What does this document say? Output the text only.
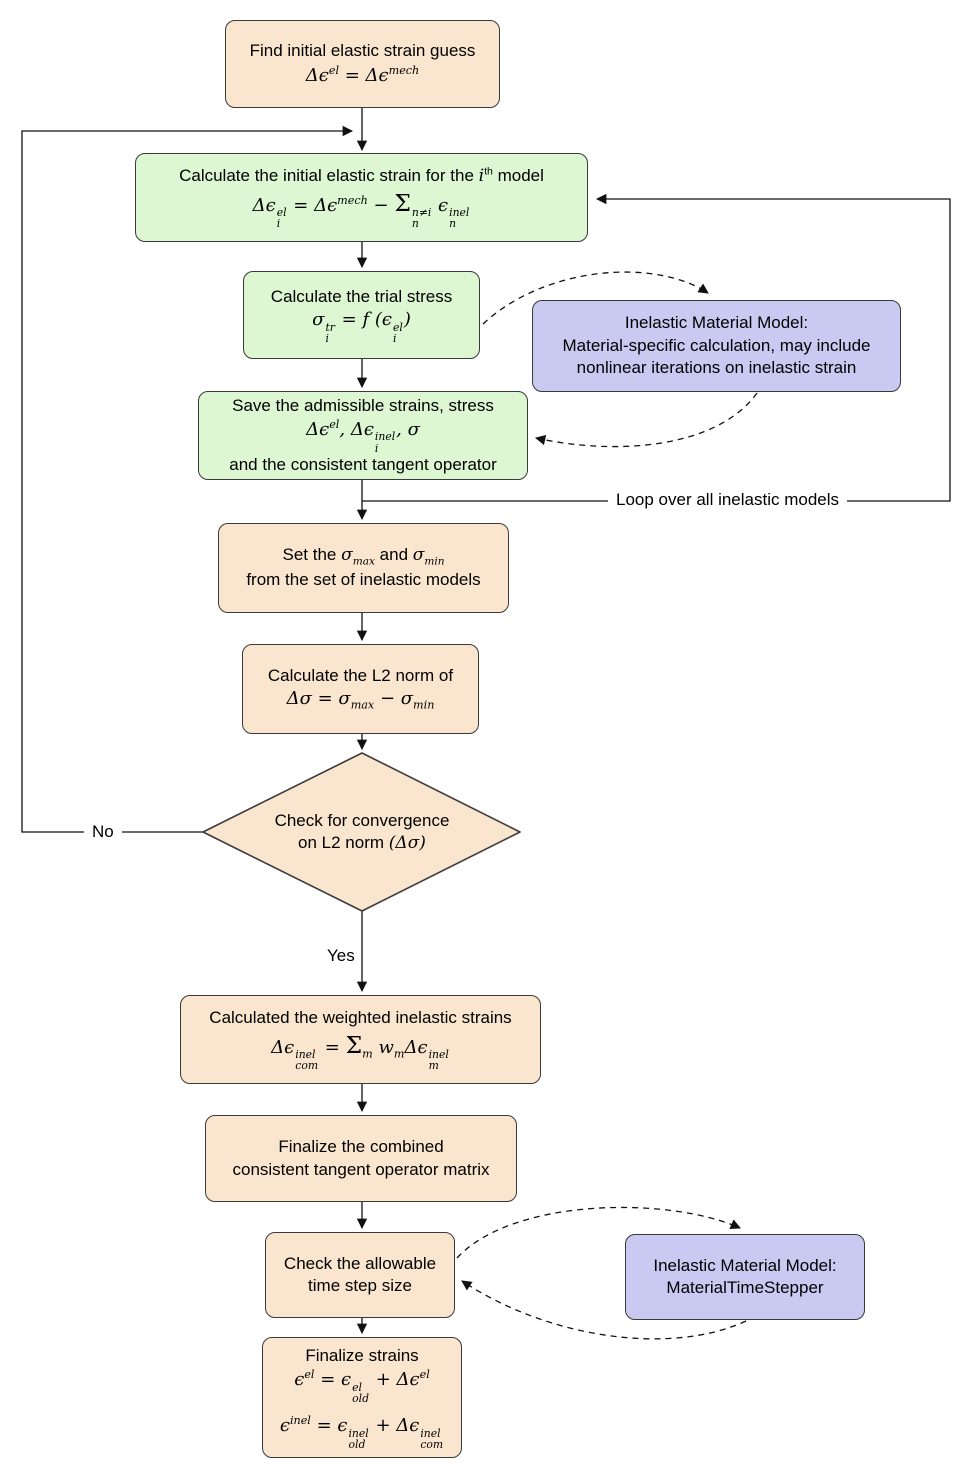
Find initial elastic strain guess
$\Delta\epsilon^{el} = \Delta\epsilon^{mech}$
Calculate the initial elastic strain for the $i^{th}$ model
Δϵ el
i
= $\Delta\epsilon^{mech} - \Sigma$ n≠i
n
ϵ inel
n
Calculate the trial stress
σ tr
i
= f (ϵ el
i
)	Inelastic Material Model:
Material-specific calculation, may include
nonlinear iterations on inelastic strain
Save the admissible strains, stress
$\Delta\epsilon^{el}$, Δϵ inel
i
, σ
and the consistent tangent operator
Set the $\sigma_{max}$ and $\sigma_{min}$
from the set of inelastic models
Calculate the L2 norm of
$\Delta\sigma = \sigma_{max} - \sigma_{min}$
Check for convergence
on L2 norm (Δσ)
Calculated the weighted inelastic strains
Δϵ inel
com
= $\Sigma_m$ $w_m\Delta\epsilon$ inel
m
Finalize the combined
consistent tangent operator matrix
Check the allowable
time step size
Inelastic Material Model:
MaterialTimeStepper
Finalize strains
$\epsilon^{el} = \epsilon$ el
old
+ $\Delta\epsilon^{el}$
$\epsilon^{inel} = \epsilon$ inel
old
+ Δϵ inel
com
No
Yes
Loop over all inelastic models
